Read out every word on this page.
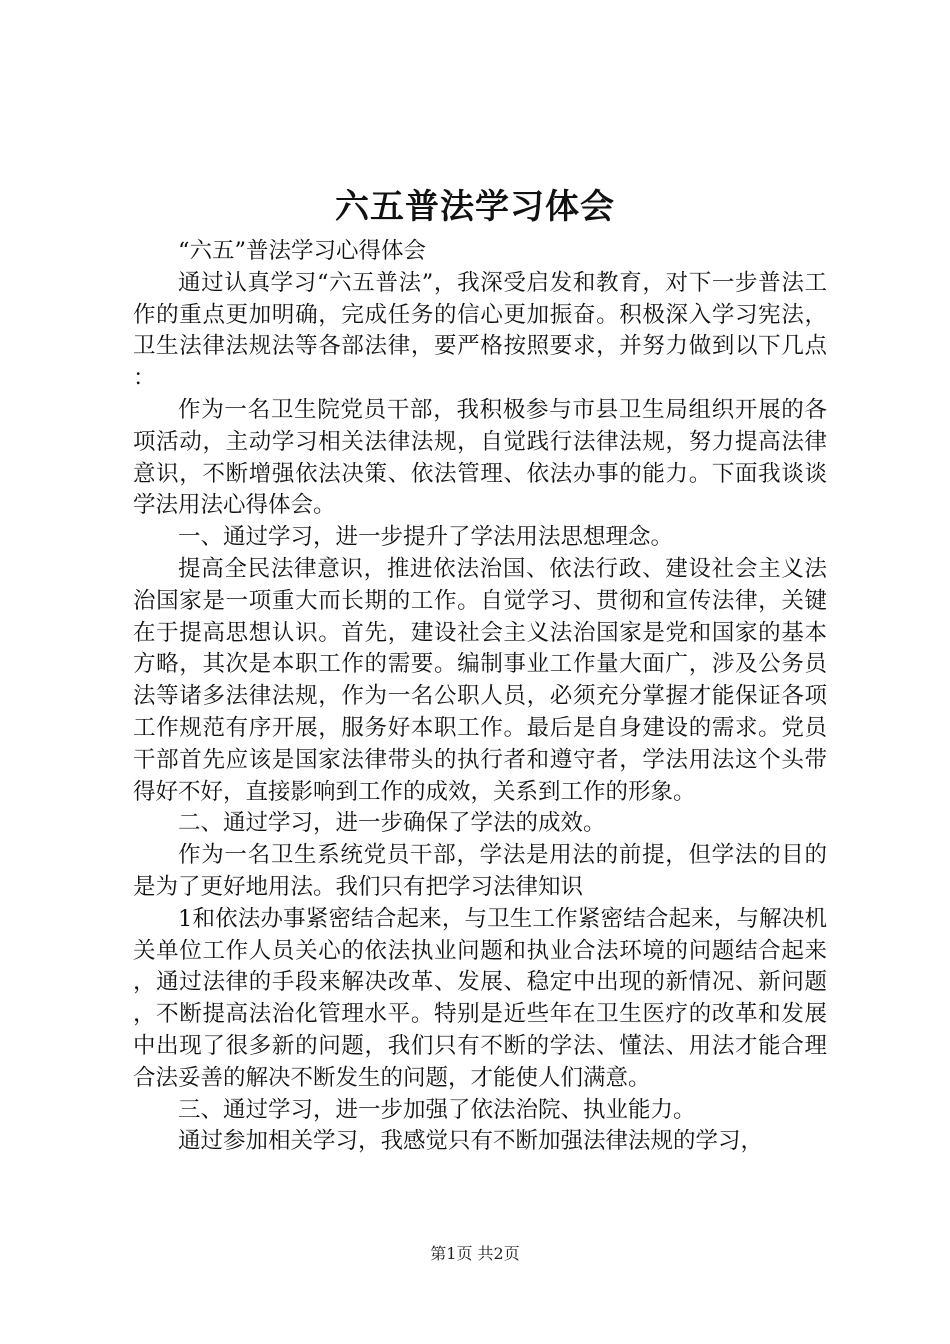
六五普法学习体会

“六五”普法学习心得体会

通过认真学习“六五普法”，我深受启发和教育，对下一步普法工作的重点更加明确，完成任务的信心更加振奋。积极深入学习宪法，卫生法律法规法等各部法律，要严格按照要求，并努力做到以下几点：

作为一名卫生院党员干部，我积极参与市县卫生局组织开展的各项活动，主动学习相关法律法规，自觉践行法律法规，努力提高法律意识，不断增强依法决策、依法管理、依法办事的能力。下面我谈谈学法用法心得体会。

一、通过学习，进一步提升了学法用法思想理念。

提高全民法律意识，推进依法治国、依法行政、建设社会主义法治国家是一项重大而长期的工作。自觉学习、贯彻和宣传法律，关键在于提高思想认识。首先，建设社会主义法治国家是党和国家的基本方略，其次是本职工作的需要。编制事业工作量大面广，涉及公务员法等诸多法律法规，作为一名公职人员，必须充分掌握才能保证各项工作规范有序开展，服务好本职工作。最后是自身建设的需求。党员干部首先应该是国家法律带头的执行者和遵守者，学法用法这个头带得好不好，直接影响到工作的成效，关系到工作的形象。

二、通过学习，进一步确保了学法的成效。

作为一名卫生系统党员干部，学法是用法的前提，但学法的目的是为了更好地用法。我们只有把学习法律知识

1和依法办事紧密结合起来，与卫生工作紧密结合起来，与解决机关单位工作人员关心的依法执业问题和执业合法环境的问题结合起来，通过法律的手段来解决改革、发展、稳定中出现的新情况、新问题，不断提高法治化管理水平。特别是近些年在卫生医疗的改革和发展中出现了很多新的问题，我们只有不断的学法、懂法、用法才能合理合法妥善的解决不断发生的问题，才能使人们满意。

三、通过学习，进一步加强了依法治院、执业能力。

通过参加相关学习，我感觉只有不断加强法律法规的学习，

第1页 共2页
